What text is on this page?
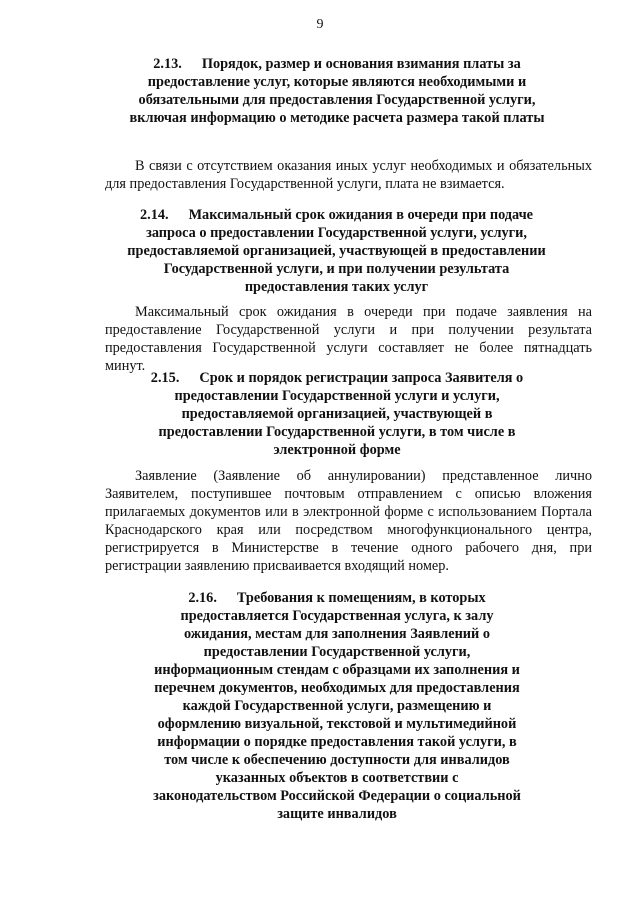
9
2.13. Порядок, размер и основания взимания платы за предоставление услуг, которые являются необходимыми и обязательными для предоставления Государственной услуги, включая информацию о методике расчета размера такой платы
В связи с отсутствием оказания иных услуг необходимых и обязательных для предоставления Государственной услуги, плата не взимается.
2.14. Максимальный срок ожидания в очереди при подаче запроса о предоставлении Государственной услуги, услуги, предоставляемой организацией, участвующей в предоставлении Государственной услуги, и при получении результата предоставления таких услуг
Максимальный срок ожидания в очереди при подаче заявления на предоставление Государственной услуги и при получении результата предоставления Государственной услуги составляет не более пятнадцать минут.
2.15. Срок и порядок регистрации запроса Заявителя о предоставлении Государственной услуги и услуги, предоставляемой организацией, участвующей в предоставлении Государственной услуги, в том числе в электронной форме
Заявление (Заявление об аннулировании) представленное лично Заявителем, поступившее почтовым отправлением с описью вложения прилагаемых документов или в электронной форме с использованием Портала Краснодарского края или посредством многофункционального центра, регистрируется в Министерстве в течение одного рабочего дня, при регистрации заявлению присваивается входящий номер.
2.16. Требования к помещениям, в которых предоставляется Государственная услуга, к залу ожидания, местам для заполнения Заявлений о предоставлении Государственной услуги, информационным стендам с образцами их заполнения и перечнем документов, необходимых для предоставления каждой Государственной услуги, размещению и оформлению визуальной, текстовой и мультимедийной информации о порядке предоставления такой услуги, в том числе к обеспечению доступности для инвалидов указанных объектов в соответствии с законодательством Российской Федерации о социальной защите инвалидов
